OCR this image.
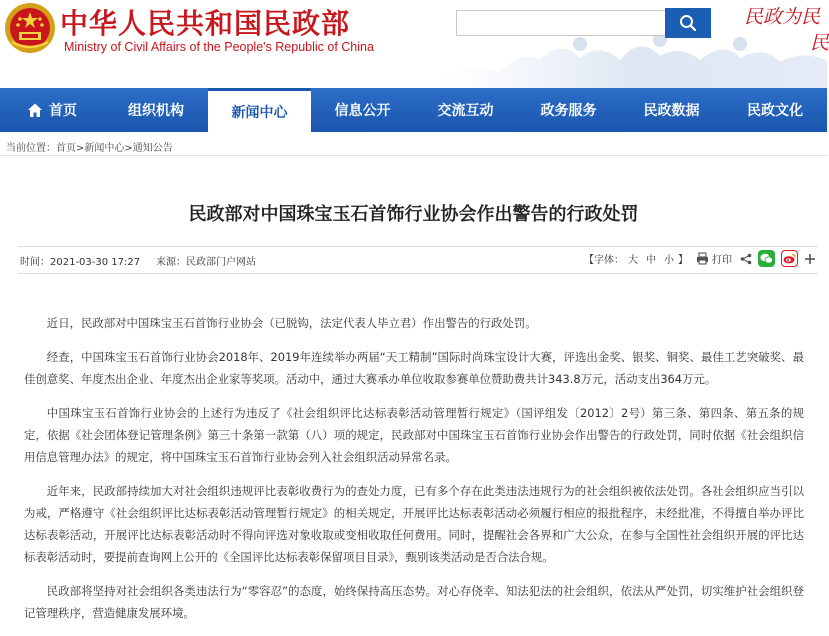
中华人民共和国民政部
Ministry of Civil Affairs of the People's Republic of China
民政为民
民
首页	组织机构	新闻中心	信息公开	交流互动	政务服务	民政数据	民政文化
当前位置：首页>新闻中心>通知公告
民政部对中国珠宝玉石首饰行业协会作出警告的行政处罚
时间：2021-03-30 17:27 来源：民政部门户网站	【字体： 大 中 小 】 打印

近日，民政部对中国珠宝玉石首饰行业协会（已脱钩，法定代表人毕立君）作出警告的行政处罚。

经查，中国珠宝玉石首饰行业协会2018年、2019年连续举办两届“天工精制”国际时尚珠宝设计大赛，评选出金奖、银奖、铜奖、最佳工艺突破奖、最佳创意奖、年度杰出企业、年度杰出企业家等奖项。活动中，通过大赛承办单位收取参赛单位赞助费共计343.8万元，活动支出364万元。

中国珠宝玉石首饰行业协会的上述行为违反了《社会组织评比达标表彰活动管理暂行规定》（国评组发〔2012〕2号）第三条、第四条、第五条的规定，依据《社会团体登记管理条例》第三十条第一款第（八）项的规定，民政部对中国珠宝玉石首饰行业协会作出警告的行政处罚，同时依据《社会组织信用信息管理办法》的规定，将中国珠宝玉石首饰行业协会列入社会组织活动异常名录。

近年来，民政部持续加大对社会组织违规评比表彰收费行为的查处力度，已有多个存在此类违法违规行为的社会组织被依法处罚。各社会组织应当引以为戒，严格遵守《社会组织评比达标表彰活动管理暂行规定》的相关规定，开展评比达标表彰活动必须履行相应的报批程序，未经批准，不得擅自举办评比达标表彰活动，开展评比达标表彰活动时不得向评选对象收取或变相收取任何费用。同时，提醒社会各界和广大公众，在参与全国性社会组织开展的评比达标表彰活动时，要提前查询网上公开的《全国评比达标表彰保留项目目录》，甄别该类活动是否合法合规。

民政部将坚持对社会组织各类违法行为“零容忍”的态度，始终保持高压态势。对心存侥幸、知法犯法的社会组织，依法从严处罚，切实维护社会组织登记管理秩序，营造健康发展环境。
